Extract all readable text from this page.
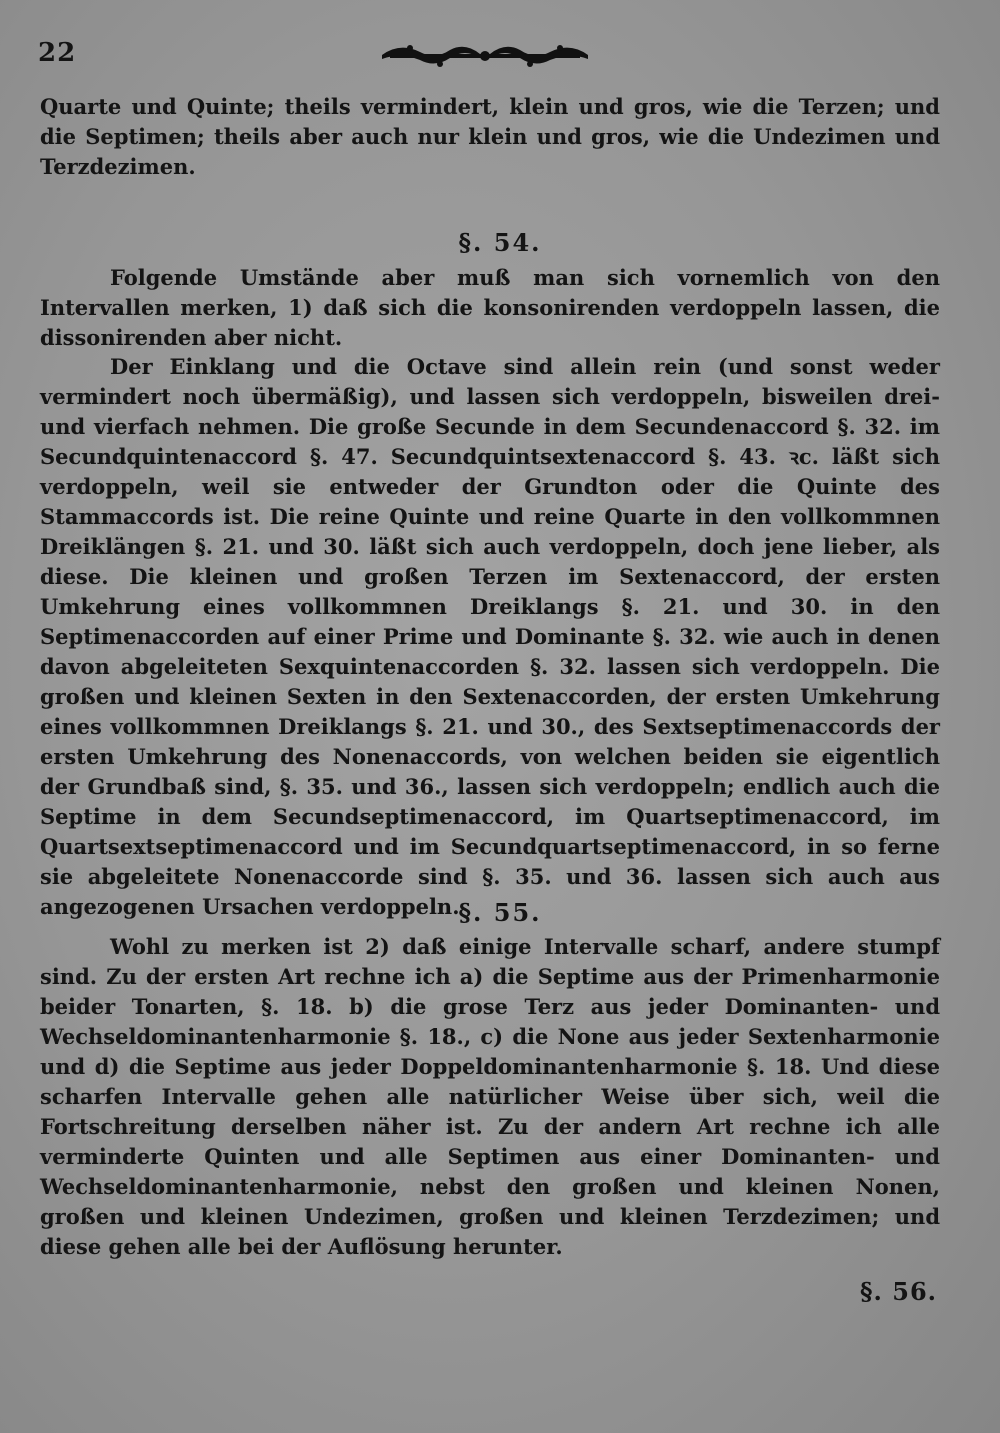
22

Quarte und Quinte; theils vermindert, klein und gros, wie die Terzen; und die Septimen; theils aber auch nur klein und gros, wie die Undezimen und Terzdezimen.

§. 54.

Folgende Umstände aber muß man sich vornemlich von den Intervallen merken, 1) daß sich die konsonirenden verdoppeln lassen, die dissonirenden aber nicht.

Der Einklang und die Octave sind allein rein (und sonst weder vermindert noch übermäßig), und lassen sich verdoppeln, bisweilen drei- und vierfach nehmen. Die große Secunde in dem Secundenaccord §. 32. im Secundquintenaccord §. 47. Secundquintsextenaccord §. 43. ꝛc. läßt sich verdoppeln, weil sie entweder der Grundton oder die Quinte des Stammaccords ist. Die reine Quinte und reine Quarte in den vollkommnen Dreiklängen §. 21. und 30. läßt sich auch verdoppeln, doch jene lieber, als diese. Die kleinen und großen Terzen im Sextenaccord, der ersten Umkehrung eines vollkommnen Dreiklangs §. 21. und 30. in den Septimenaccorden auf einer Prime und Dominante §. 32. wie auch in denen davon abgeleiteten Sexquintenaccorden §. 32. lassen sich verdoppeln. Die großen und kleinen Sexten in den Sextenaccorden, der ersten Umkehrung eines vollkommnen Dreiklangs §. 21. und 30., des Sextseptimenaccords der ersten Umkehrung des Nonenaccords, von welchen beiden sie eigentlich der Grundbaß sind, §. 35. und 36., lassen sich verdoppeln; endlich auch die Septime in dem Secundseptimenaccord, im Quartseptimenaccord, im Quartsextseptimenaccord und im Secundquartseptimenaccord, in so ferne sie abgeleitete Nonenaccorde sind §. 35. und 36. lassen sich auch aus angezogenen Ursachen verdoppeln.

§. 55.

Wohl zu merken ist 2) daß einige Intervalle scharf, andere stumpf sind. Zu der ersten Art rechne ich a) die Septime aus der Primenharmonie beider Tonarten, §. 18. b) die grose Terz aus jeder Dominanten- und Wechseldominantenharmonie §. 18., c) die None aus jeder Sextenharmonie und d) die Septime aus jeder Doppeldominantenharmonie §. 18. Und diese scharfen Intervalle gehen alle natürlicher Weise über sich, weil die Fortschreitung derselben näher ist. Zu der andern Art rechne ich alle verminderte Quinten und alle Septimen aus einer Dominanten- und Wechseldominantenharmonie, nebst den großen und kleinen Nonen, großen und kleinen Undezimen, großen und kleinen Terzdezimen; und diese gehen alle bei der Auflösung herunter.

§. 56.
